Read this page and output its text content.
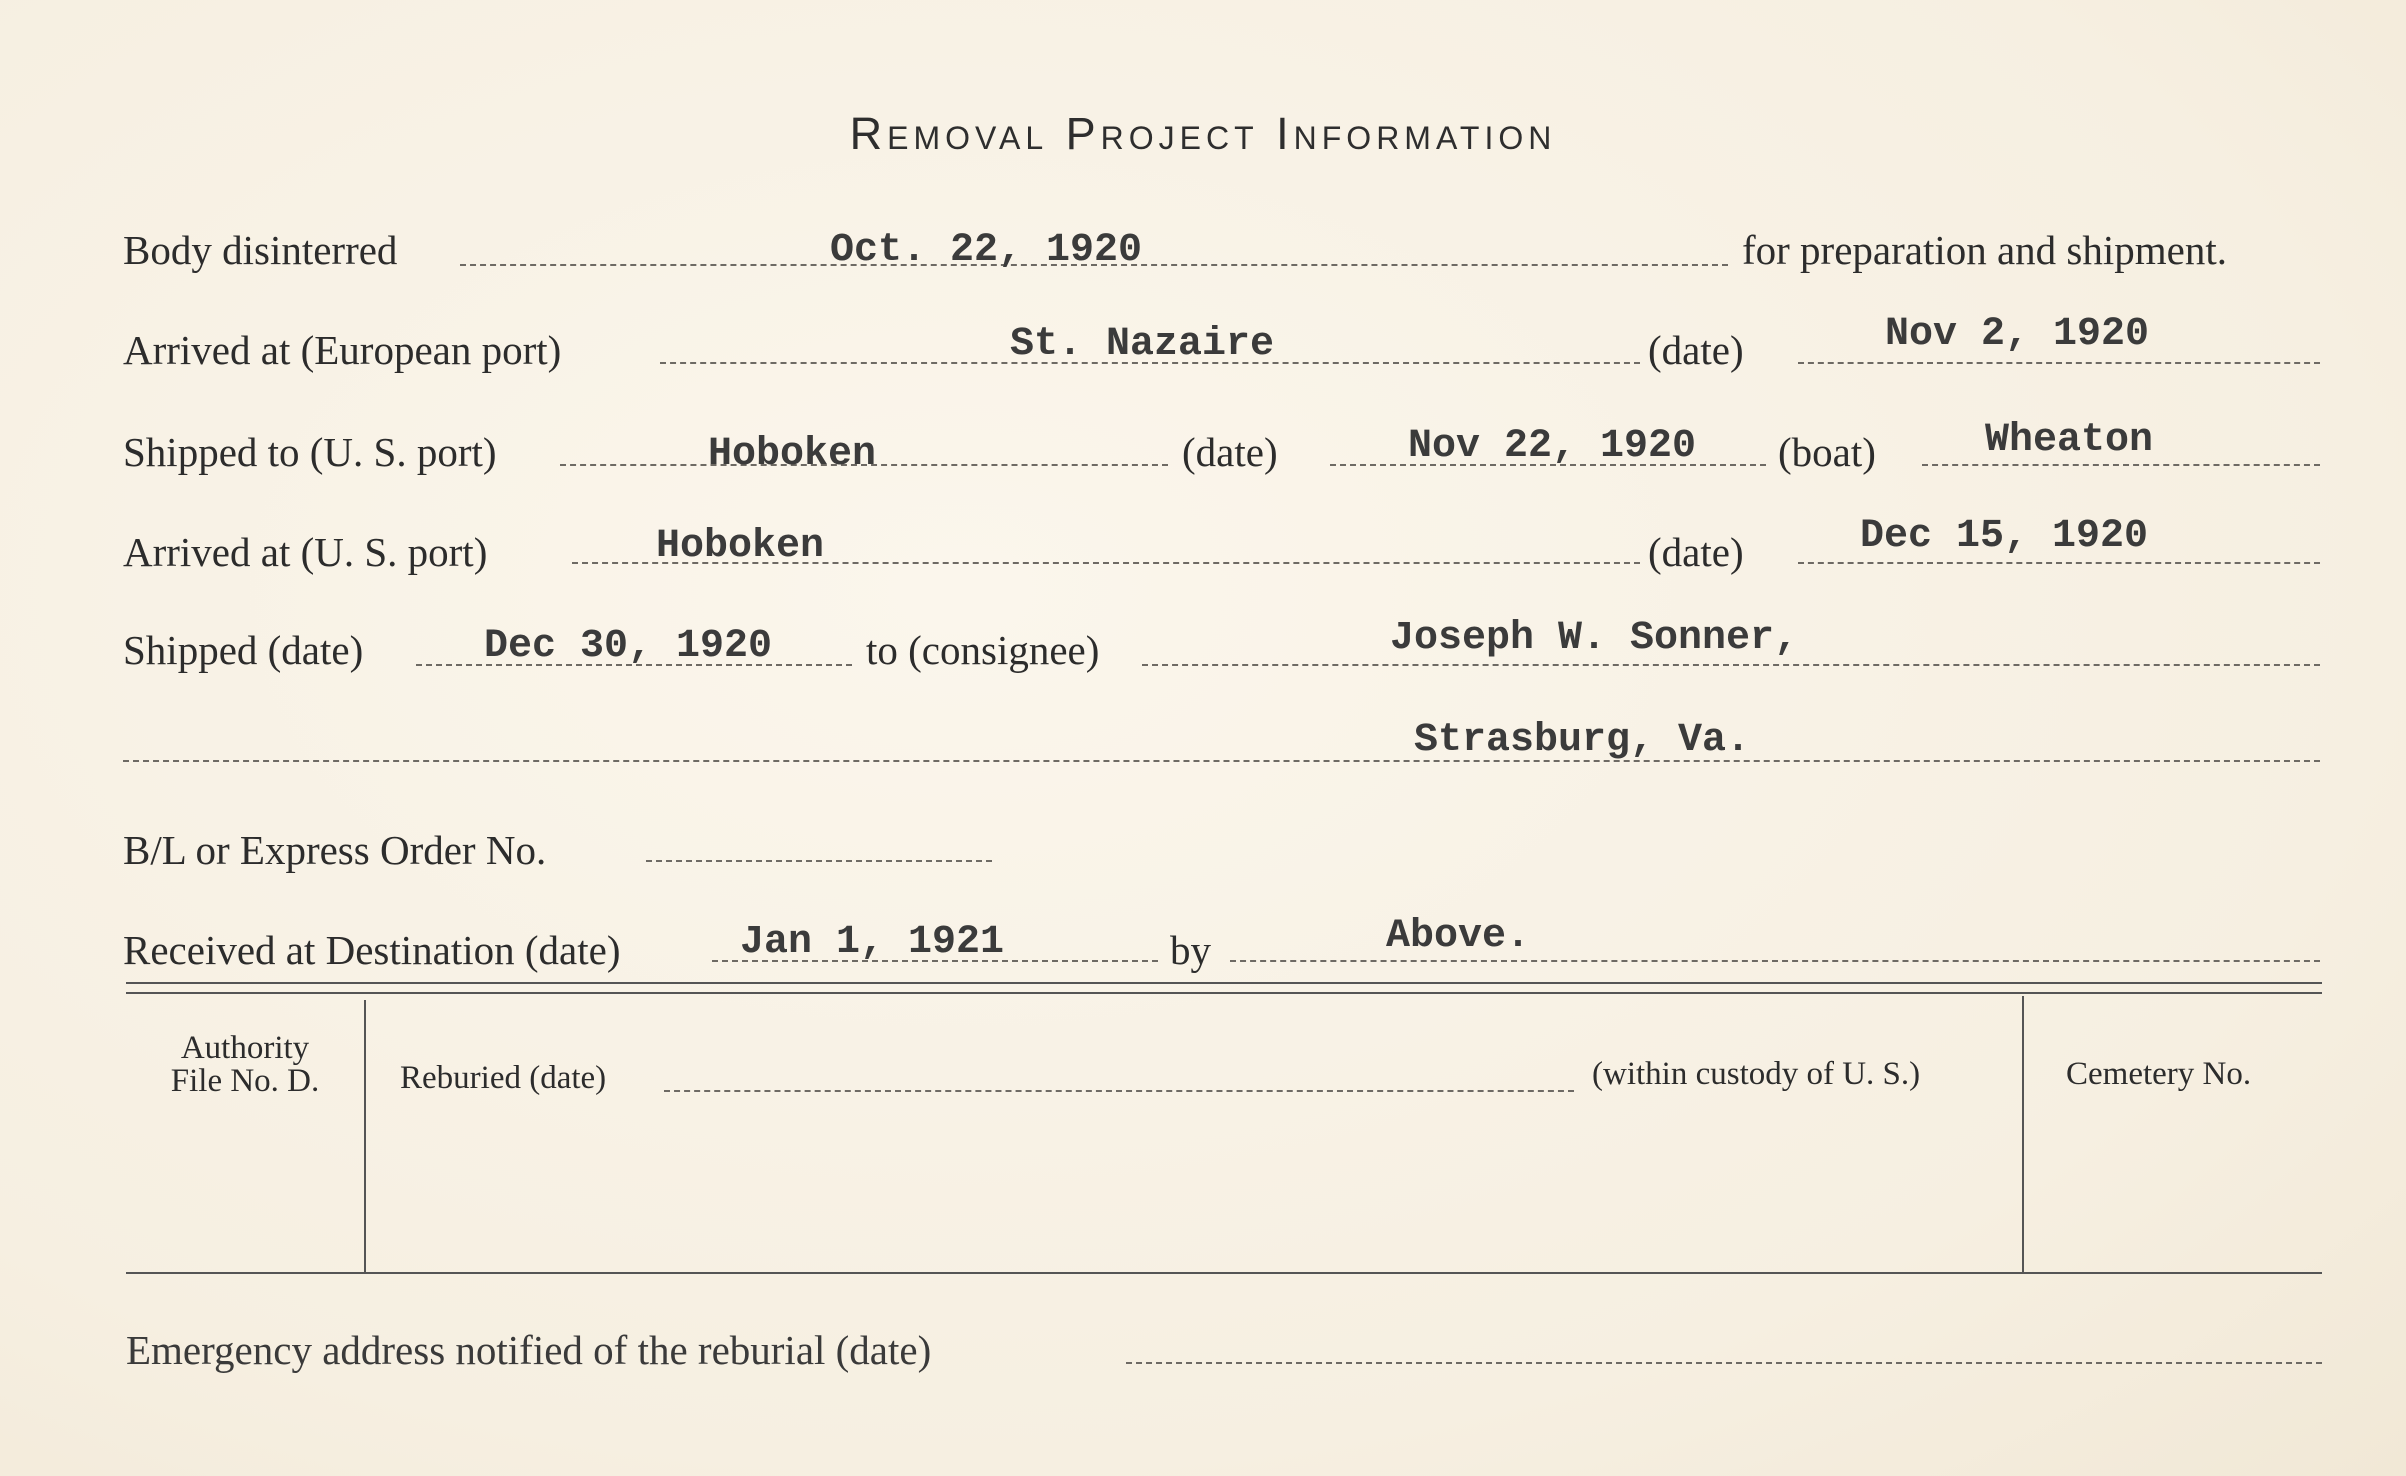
Removal Project Information
Body disinterred	Oct. 22, 1920	for preparation and shipment.
Arrived at (European port)	St. Nazaire	(date)	Nov 2, 1920
Shipped to (U. S. port)	Hoboken	(date)	Nov 22, 1920 (boat)	Wheaton
Arrived at (U. S. port)	Hoboken	(date)	Dec 15, 1920
Shipped (date)	Dec 30, 1920 to (consignee)	Joseph W. Sonner,
Strasburg, Va.
B/L or Express Order No.
Received at Destination (date)	Jan 1, 1921	by	Above.
Authority
File No. D.	Reburied (date)	(within custody of U. S.)	Cemetery No.
Emergency address notified of the reburial (date)
